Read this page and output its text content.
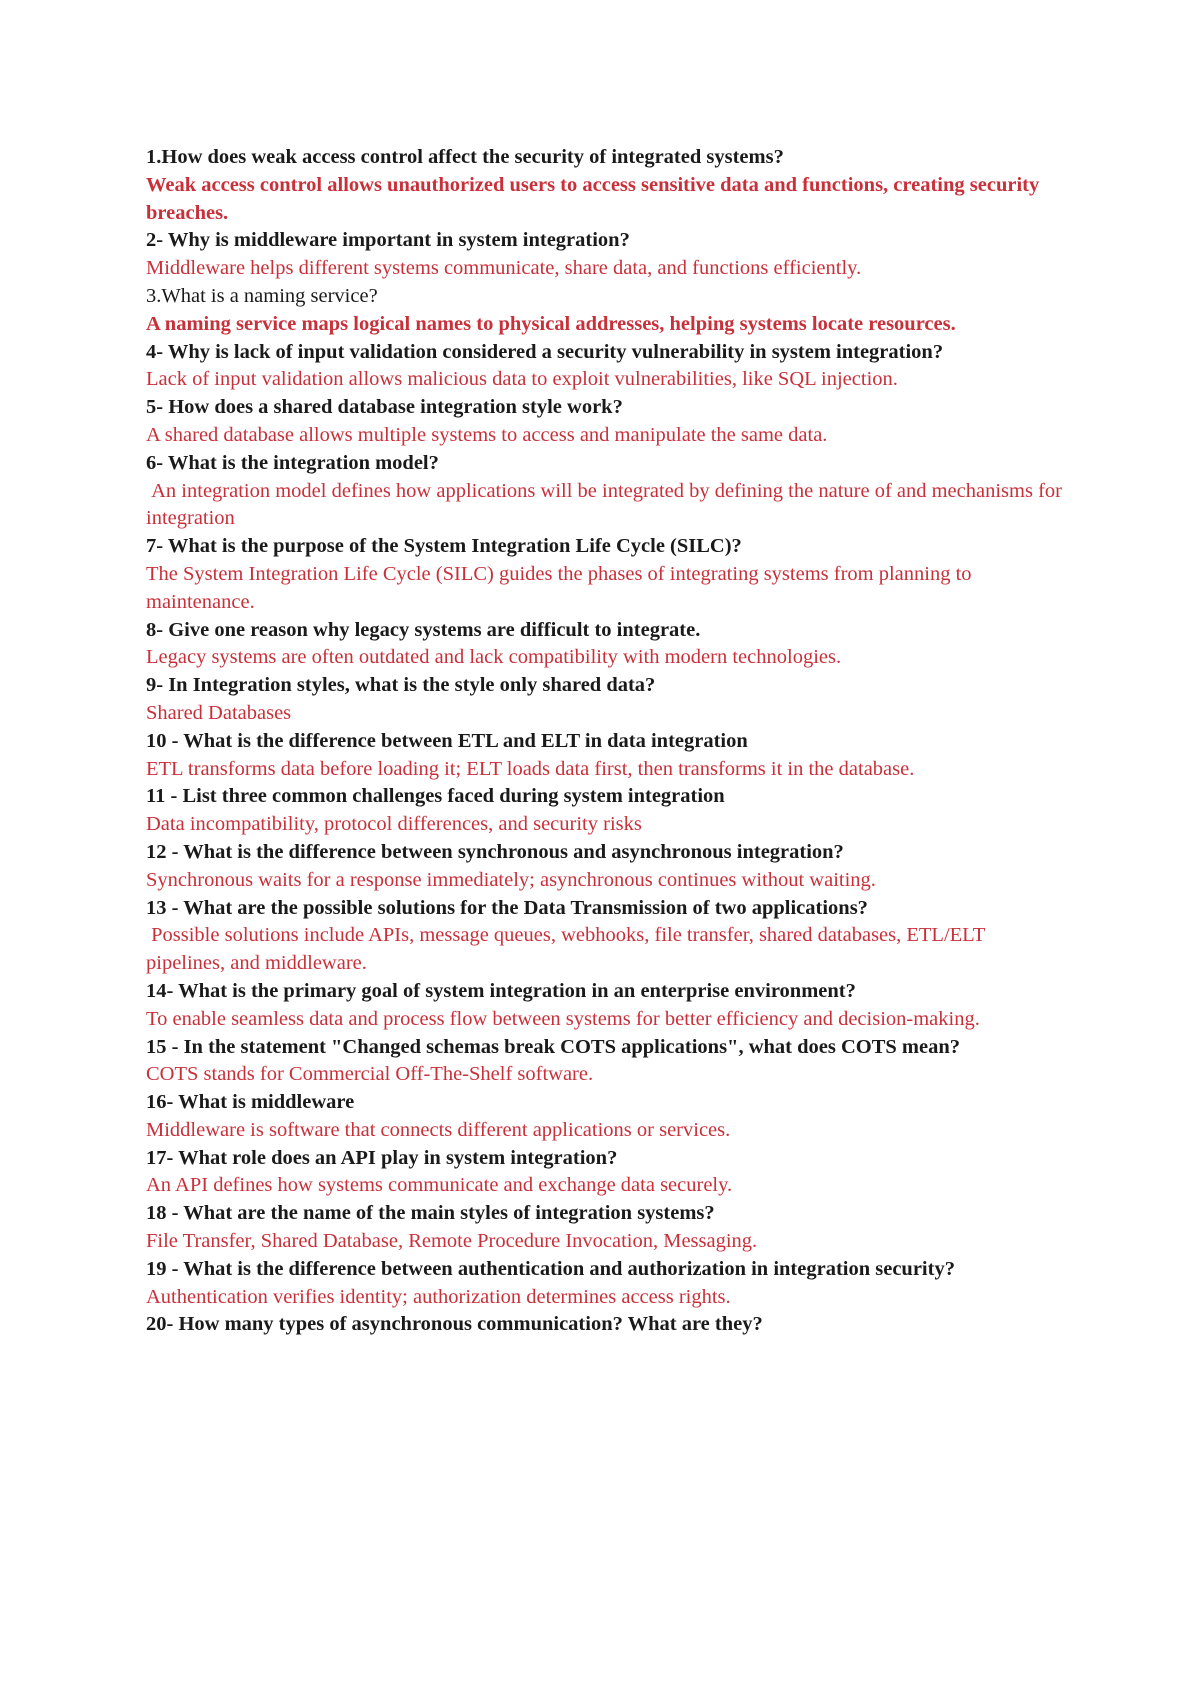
1.How does weak access control affect the security of integrated systems?

Weak access control allows unauthorized users to access sensitive data and functions, creating security breaches.

2- Why is middleware important in system integration?

Middleware helps different systems communicate, share data, and functions efficiently.

3.What is a naming service?

A naming service maps logical names to physical addresses, helping systems locate resources.

4- Why is lack of input validation considered a security vulnerability in system integration?

Lack of input validation allows malicious data to exploit vulnerabilities, like SQL injection.

5- How does a shared database integration style work?

A shared database allows multiple systems to access and manipulate the same data.

6- What is the integration model?

An integration model defines how applications will be integrated by defining the nature of and mechanisms for integration

7- What is the purpose of the System Integration Life Cycle (SILC)?

The System Integration Life Cycle (SILC) guides the phases of integrating systems from planning to maintenance.

8- Give one reason why legacy systems are difficult to integrate.

Legacy systems are often outdated and lack compatibility with modern technologies.

9- In Integration styles, what is the style only shared data?

Shared Databases

10 - What is the difference between ETL and ELT in data integration

ETL transforms data before loading it; ELT loads data first, then transforms it in the database.

11 - List three common challenges faced during system integration

Data incompatibility, protocol differences, and security risks

12 - What is the difference between synchronous and asynchronous integration?

Synchronous waits for a response immediately; asynchronous continues without waiting.

13 - What are the possible solutions for the Data Transmission of two applications?

Possible solutions include APIs, message queues, webhooks, file transfer, shared databases, ETL/ELT pipelines, and middleware.

14- What is the primary goal of system integration in an enterprise environment?

To enable seamless data and process flow between systems for better efficiency and decision-making.

15 - In the statement "Changed schemas break COTS applications", what does COTS mean?

COTS stands for Commercial Off-The-Shelf software.

16- What is middleware

Middleware is software that connects different applications or services.

17- What role does an API play in system integration?

An API defines how systems communicate and exchange data securely.

18 - What are the name of the main styles of integration systems?

File Transfer, Shared Database, Remote Procedure Invocation, Messaging.

19 - What is the difference between authentication and authorization in integration security?

Authentication verifies identity; authorization determines access rights.

20- How many types of asynchronous communication? What are they?
